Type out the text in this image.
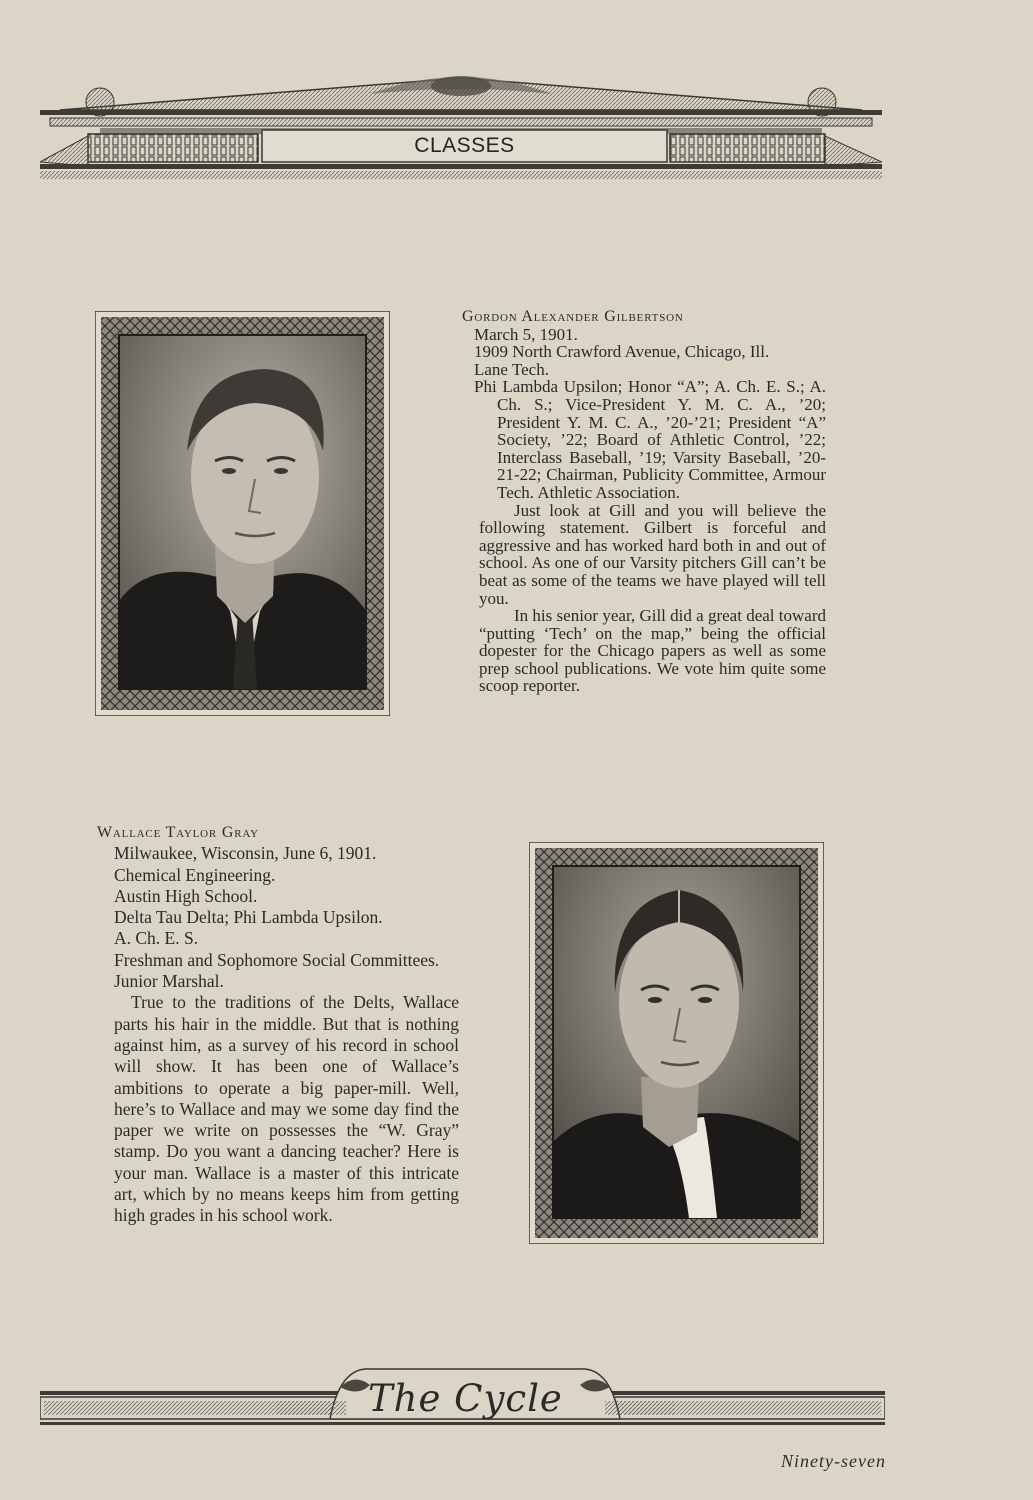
CLASSES
Gordon Alexander Gilbertson
March 5, 1901.
1909 North Crawford Avenue, Chicago, Ill.
Lane Tech.

Phi Lambda Upsilon; Honor “A”; A. Ch. E. S.; A. Ch. S.; Vice-President Y. M. C. A., ’20; President Y. M. C. A., ’20-’21; President “A” Society, ’22; Board of Athletic Control, ’22; Interclass Baseball, ’19; Varsity Baseball, ’20-21-22; Chairman, Publicity Committee, Armour Tech. Athletic Association.

Just look at Gill and you will believe the following statement. Gilbert is forceful and aggressive and has worked hard both in and out of school. As one of our Varsity pitchers Gill can’t be beat as some of the teams we have played will tell you.

In his senior year, Gill did a great deal toward “putting ‘Tech’ on the map,” being the official dopester for the Chicago papers as well as some prep school publications. We vote him quite some scoop reporter.

Wallace Taylor Gray
Milwaukee, Wisconsin, June 6, 1901.
Chemical Engineering.
Austin High School.
Delta Tau Delta; Phi Lambda Upsilon.
A. Ch. E. S.

Freshman and Sophomore Social Committees.

Junior Marshal.

True to the traditions of the Delts, Wallace parts his hair in the middle. But that is nothing against him, as a survey of his record in school will show. It has been one of Wallace’s ambitions to operate a big paper-mill. Well, here’s to Wallace and may we some day find the paper we write on possesses the “W. Gray” stamp. Do you want a dancing teacher? Here is your man. Wallace is a master of this intricate art, which by no means keeps him from getting high grades in his school work.

The Cycle
Ninety-seven
